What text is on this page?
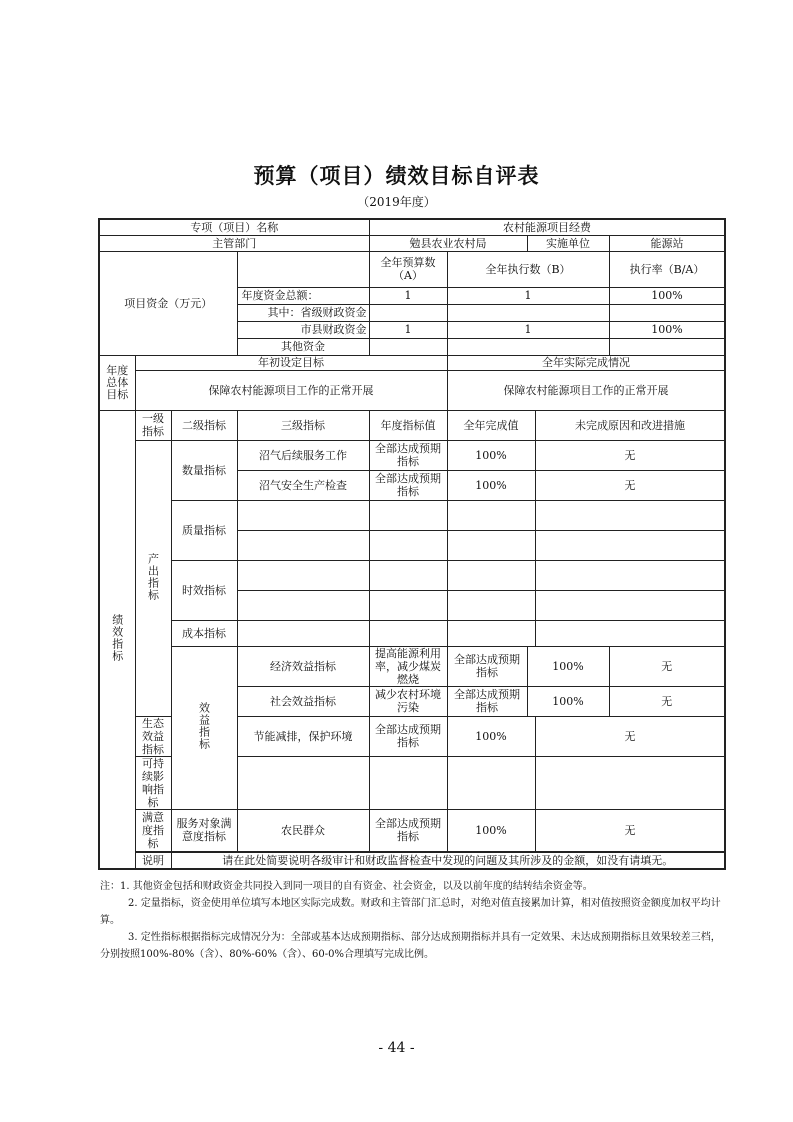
预算（项目）绩效目标自评表
（2019年度）
专项（项目）名称				农村能源项目经费				
主管部门				勉县农业农村局		实施单位		能源站
项目资金（万元）				全年预算数（A）	全年执行数（B）			执行率（B/A）
			年度资金总额：	1	1			100%
			其中：省级财政资金					
			市县财政资金	1	1			100%
			其他资金					
年度总体目标	年初设定目标				全年实际完成情况			
	保障农村能源项目工作的正常开展				保障农村能源项目工作的正常开展			
绩效指标	一级指标	二级指标	三级指标	年度指标值	全年完成值		未完成原因和改进措施	
	产出指标	数量指标	沼气后续服务工作	全部达成预期指标	100%		无	
			沼气安全生产检查	全部达成预期指标	100%		无	
		质量指标						

		时效指标						

		成本指标						
		效益指标	经济效益指标	提高能源利用率，减少煤炭燃烧	全部达成预期指标	100%		无
			社会效益指标	减少农村环境污染	全部达成预期指标	100%		无
	生态效益指标		节能减排，保护环境	全部达成预期指标	100%		无	
	可持续影响指标							
	满意度指标	服务对象满意度指标	农民群众	全部达成预期指标	100%		无	

	说明	请在此处简要说明各级审计和财政监督检查中发现的问题及其所涉及的金额，如没有请填无。						

注：1. 其他资金包括和财政资金共同投入到同一项目的自有资金、社会资金，以及以前年度的结转结余资金等。

2. 定量指标，资金使用单位填写本地区实际完成数。财政和主管部门汇总时，对绝对值直接累加计算，相对值按照资金额度加权平均计算。

3. 定性指标根据指标完成情况分为：全部或基本达成预期指标、部分达成预期指标并具有一定效果、未达成预期指标且效果较差三档，分别按照100%-80%（含）、80%-60%（含）、60-0%合理填写完成比例。

- 44 -
